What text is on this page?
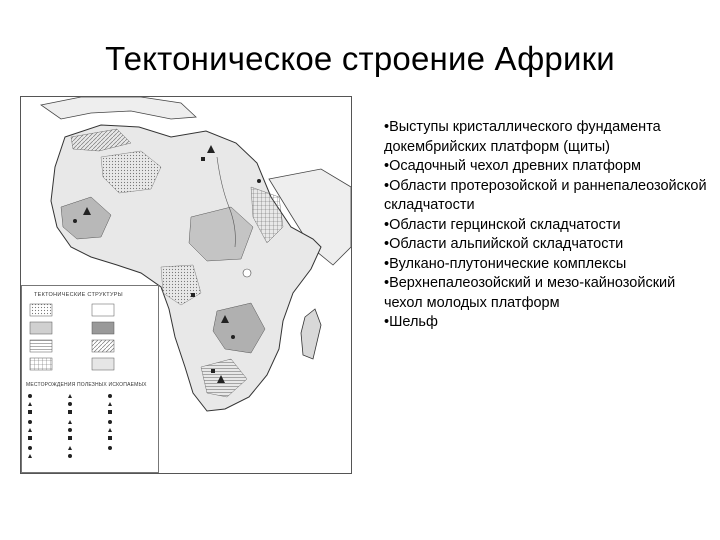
Тектоническое строение Африки
ТЕКТОНИЧЕСКИЕ СТРУКТУРЫ
МЕСТОРОЖДЕНИЯ ПОЛЕЗНЫХ ИСКОПАЕМЫХ
•Выступы кристаллического фундамента докембрийских платформ (щиты)
•Осадочный чехол древних платформ
•Области протерозойской и раннепалеозойской складчатости
•Области герцинской складчатости
•Области альпийской складчатости
•Вулкано-плутонические комплексы
•Верхнепалеозойский и мезо-кайнозойский чехол молодых платформ
•Шельф
